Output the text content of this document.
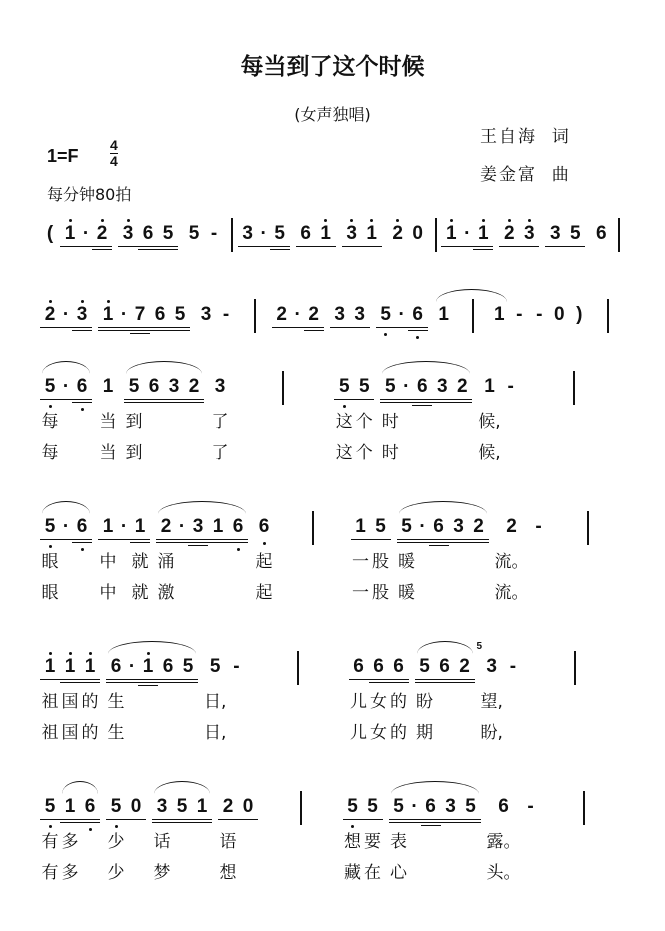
每当到了这个时候
(女声独唱)
王自海  词
姜金富  曲
$1=F \frac{4}{4}$
每分钟80拍
( 1 · 2 3 6 5 5 -	3 · 5 6 1 3 1 2 0 1 · 1 2 3 3 5 6
2 · 3 1 · 7 6 5 3 -	2 · 2 3 3 5 · 6 1 1 - - 0 )
5
每
每
· 6 1
当
当
5
到
到
6 3 2 3
了
了
5
这
这
5
个
个
5
时
时
· 6 3 2 1
候,
候,
-
5
眼
眼
· 6 1
中
中
· 1
就
就
2
涌
激
· 3 1 6 6
起
起
1
一
一
5
股
股
5
暖
暖
· 6 3 2	2
流。
流。
-
1
祖
祖
1
国
国
1
的
的
6
生
生
· 1 6 5 5
日,
日,
-	6
儿
儿
6
女
女
6
的
的
5
盼
期
6 2 3
5
望,
盼,
-
5
有
有
1
多
多
6 5
少
少
0 3
话
梦
5 1 2
语
想
0	5
想
藏
5
要
在
5
表
心
· 6 3 5	6
露。
头。
-
